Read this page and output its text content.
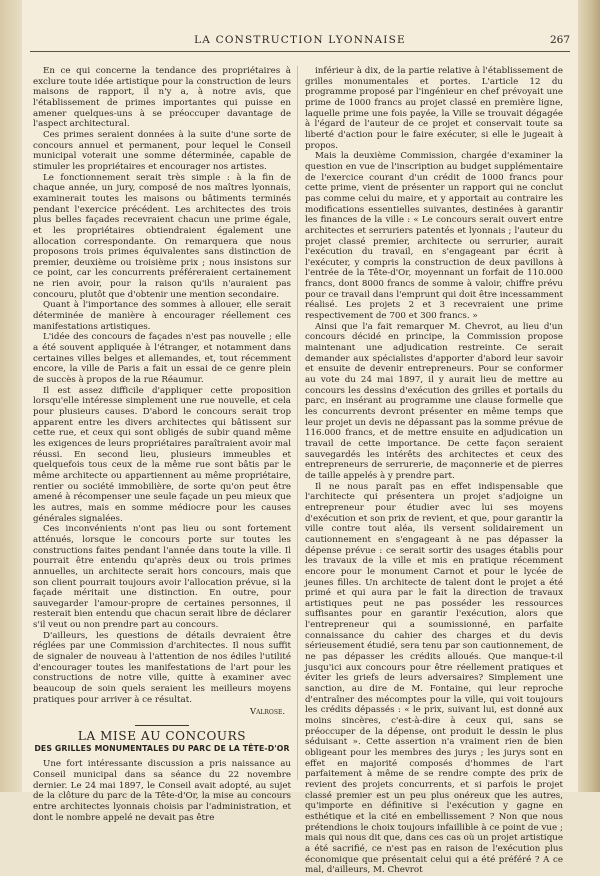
LA CONSTRUCTION LYONNAISE	267

En ce qui concerne la tendance des propriétaires à exclure toute idée artistique pour la construction de leurs maisons de rapport, il n'y a, à notre avis, que l'établissement de primes importantes qui puisse en amener quelques-uns à se préoccuper davantage de l'aspect architectural.

Ces primes seraient données à la suite d'une sorte de concours annuel et permanent, pour lequel le Conseil municipal voterait une somme déterminée, capable de stimuler les propriétaires et encourager nos artistes.

Le fonctionnement serait très simple : à la fin de chaque année, un jury, composé de nos maîtres lyonnais, examinerait toutes les maisons ou bâtiments terminés pendant l'exercice précédent. Les architectes des trois plus belles façades recevraient chacun une prime égale, et les propriétaires obtiendraient également une allocation correspondante. On remarquera que nous proposons trois primes équivalentes sans distinction de premier, deuxième ou troisième prix ; nous insistons sur ce point, car les concurrents préféreraient certainement ne rien avoir, pour la raison qu'ils n'auraient pas concouru, plutôt que d'obtenir une mention secondaire.

Quant à l'importance des sommes à allouer, elle serait déterminée de manière à encourager réellement ces manifestations artistiques.

L'idée des concours de façades n'est pas nouvelle ; elle a été souvent appliquée à l'étranger, et notamment dans certaines villes belges et allemandes, et, tout récemment encore, la ville de Paris a fait un essai de ce genre plein de succès à propos de la rue Réaumur.

Il est assez difficile d'appliquer cette proposition lorsqu'elle intéresse simplement une rue nouvelle, et cela pour plusieurs causes. D'abord le concours serait trop apparent entre les divers architectes qui bâtissent sur cette rue, et ceux qui sont obligés de subir quand même les exigences de leurs propriétaires paraîtraient avoir mal réussi. En second lieu, plusieurs immeubles et quelquefois tous ceux de la même rue sont bâtis par le même architecte ou appartiennent au même propriétaire, rentier ou société immobilière, de sorte qu'on peut être amené à récompenser une seule façade un peu mieux que les autres, mais en somme médiocre pour les causes générales signalées.

Ces inconvénients n'ont pas lieu ou sont fortement atténués, lorsque le concours porte sur toutes les constructions faites pendant l'année dans toute la ville. Il pourrait être entendu qu'après deux ou trois primes annuelles, un architecte serait hors concours, mais que son client pourrait toujours avoir l'allocation prévue, si la façade méritait une distinction. En outre, pour sauvegarder l'amour-propre de certaines personnes, il resterait bien entendu que chacun serait libre de déclarer s'il veut ou non prendre part au concours.

D'ailleurs, les questions de détails devraient être réglées par une Commission d'architectes. Il nous suffit de signaler de nouveau à l'attention de nos édiles l'utilité d'encourager toutes les manifestations de l'art pour les constructions de notre ville, quitte à examiner avec beaucoup de soin quels seraient les meilleurs moyens pratiques pour arriver à ce résultat.

Valrose.
LA MISE AU CONCOURS
DES GRILLES MONUMENTALES DU PARC DE LA TÊTE-D'OR

Une fort intéressante discussion a pris naissance au Conseil municipal dans sa séance du 22 novembre dernier. Le 24 mai 1897, le Conseil avait adopté, au sujet de la clôture du parc de la Tête-d'Or, la mise au concours entre architectes lyonnais choisis par l'administration, et dont le nombre appelé ne devait pas être

inférieur à dix, de la partie relative à l'établissement de grilles monumentales et portes. L'article 12 du programme proposé par l'ingénieur en chef prévoyait une prime de 1000 francs au projet classé en première ligne, laquelle prime une fois payée, la Ville se trouvait dégagée à l'égard de l'auteur de ce projet et conservait toute sa liberté d'action pour le faire exécuter, si elle le jugeait à propos.

Mais la deuxième Commission, chargée d'examiner la question en vue de l'inscription au budget supplémentaire de l'exercice courant d'un crédit de 1000 francs pour cette prime, vient de présenter un rapport qui ne conclut pas comme celui du maire, et y apportait au contraire les modifications essentielles suivantes, destinées à garantir les finances de la ville : « Le concours serait ouvert entre architectes et serruriers patentés et lyonnais ; l'auteur du projet classé premier, architecte ou serrurier, aurait l'exécution du travail, en s'engageant par écrit à l'exécuter, y compris la construction de deux pavillons à l'entrée de la Tête-d'Or, moyennant un forfait de 110.000 francs, dont 8000 francs de somme à valoir, chiffre prévu pour ce travail dans l'emprunt qui doit être incessamment réalisé. Les projets 2 et 3 recevraient une prime respectivement de 700 et 300 francs. »

Ainsi que l'a fait remarquer M. Chevrot, au lieu d'un concours décidé en principe, la Commission propose maintenant une adjudication restreinte. Ce serait demander aux spécialistes d'apporter d'abord leur savoir et ensuite de devenir entrepreneurs. Pour se conformer au vote du 24 mai 1897, il y aurait lieu de mettre au concours les dessins d'exécution des grilles et portails du parc, en insérant au programme une clause formelle que les concurrents devront présenter en même temps que leur projet un devis ne dépassant pas la somme prévue de 116.000 francs, et de mettre ensuite en adjudication un travail de cette importance. De cette façon seraient sauvegardés les intérêts des architectes et ceux des entrepreneurs de serrurerie, de maçonnerie et de pierres de taille appelés à y prendre part.

Il ne nous paraît pas en effet indispensable que l'architecte qui présentera un projet s'adjoigne un entrepreneur pour étudier avec lui ses moyens d'exécution et son prix de revient, et que, pour garantir la ville contre tout aléa, ils versent solidairement un cautionnement en s'engageant à ne pas dépasser la dépense prévue : ce serait sortir des usages établis pour les travaux de la ville et mis en pratique récemment encore pour le monument Carnot et pour le lycée de jeunes filles. Un architecte de talent dont le projet a été primé et qui aura par le fait la direction de travaux artistiques peut ne pas posséder les ressources suffisantes pour en garantir l'exécution, alors que l'entrepreneur qui a soumissionné, en parfaite connaissance du cahier des charges et du devis sérieusement étudié, sera tenu par son cautionnement, de ne pas dépasser les crédits alloués. Que manque-t-il jusqu'ici aux concours pour être réellement pratiques et éviter les griefs de leurs adversaires? Simplement une sanction, au dire de M. Fontaine, qui leur reproche d'entraîner des mécomptes pour la ville, qui voit toujours les crédits dépassés : « le prix, suivant lui, est donné aux moins sincères, c'est-à-dire à ceux qui, sans se préoccuper de la dépense, ont produit le dessin le plus séduisant ». Cette assertion n'a vraiment rien de bien obligeant pour les membres des jurys ; les jurys sont en effet en majorité composés d'hommes de l'art parfaitement à même de se rendre compte des prix de revient des projets concurrents, et si parfois le projet classé premier est un peu plus onéreux que les autres, qu'importe en définitive si l'exécution y gagne en esthétique et la cité en embellissement ? Non que nous prétendions le choix toujours infaillible à ce point de vue ; mais qui nous dit que, dans ces cas où un projet artistique a été sacrifié, ce n'est pas en raison de l'exécution plus économique que présentait celui qui a été préféré ? A ce mal, d'ailleurs, M. Chevrot
